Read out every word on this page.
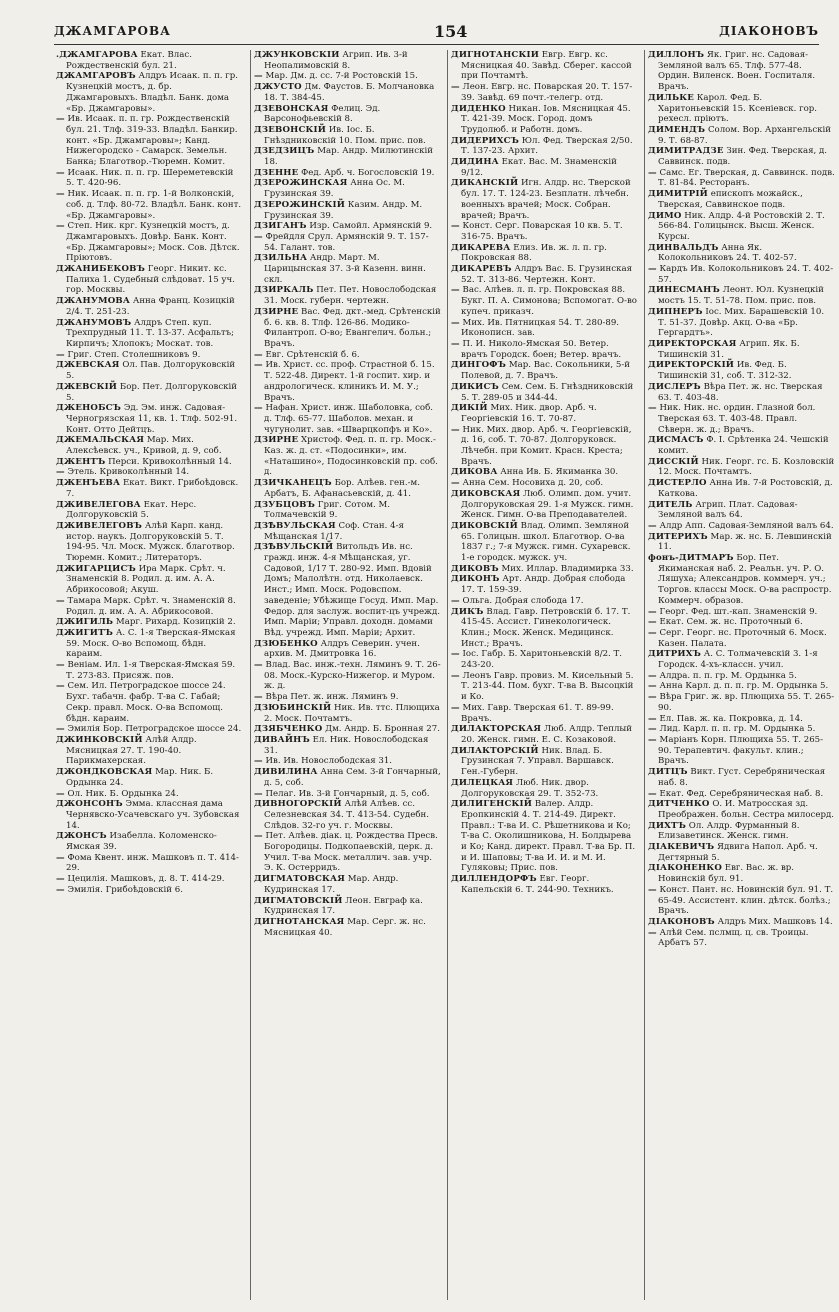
ДЖАМГАРОВА	154	ДІАКОНОВЪ

.ДЖАМГАРОВА Екат. Влас. Рождественскій бул. 21.

ДЖАМГАРОВЪ Алдръ Исаак. п. п. гр. Кузнецкій мостъ, д. бр. Джамгаровыхъ. Владѣл. Банк. дома «Бр. Джамгаровы».

— Ив. Исаак. п. п. гр. Рождественскій бул. 21. Тлф. 319-33. Владѣл. Банкир. конт. «Бр. Джамгаровы»; Канд. Нижегородско - Самарск. Земельн. Банка; Благотвор.-Тюремн. Комит.

— Исаак. Ник. п. п. гр. Шереметевскій 5. Т. 420-96.

— Ник. Исаак. п. п. гр. 1-й Волконскій, соб. д. Тлф. 80-72. Владѣл. Банк. конт. «Бр. Джамгаровы».

— Степ. Ник. крг. Кузнецкій мостъ, д. Джамгаровыхъ. Довѣр. Банк. Конт. «Бр. Джамгаровы»; Моск. Сов. Дѣтск. Пріютовъ.

ДЖАНИБЕКОВЪ Георг. Никит. кс. Палиха 1. Судебный слѣдоват. 15 уч. гор. Москвы.

ДЖАНУМОВА Анна Франц. Козицкій 2/4. Т. 251-23.

ДЖАНУМОВЪ Алдръ Степ. куп. Трехпрудный 11. Т. 13-37. Асфальтъ; Кирпичъ; Хлопокъ; Москат. тов.

— Григ. Степ. Столешниковъ 9.

ДЖЕВСКАЯ Ол. Пав. Долгоруковскій 5.

ДЖЕВСКІЙ Бор. Пет. Долгоруковскій 5.

ДЖЕНОБСЪ Эд. Эм. инж. Садовая-Черногрязская 11, кв. 1. Тлф. 502-91. Конт. Отто Дейтцъ.

ДЖЕМАЛЬСКАЯ Мар. Мих. Алексѣевск. уч., Кривой, д. 9, соб.

ДЖЕНТЪ Перси. Кривоколѣнный 14.

— Этель. Кривоколѣнный 14.

ДЖЕНЪЕВА Екат. Викт. Грибоѣдовск. 7.

ДЖИВЕЛЕГОВА Екат. Нерс. Долгоруковскій 5.

ДЖИВЕЛЕГОВЪ Алѣй Карп. канд. истор. наукъ. Долгоруковскій 5. Т. 194-95. Чл. Моск. Мужск. благотвор. Тюремн. Комит.; Литераторъ.

ДЖИГАРЦИСЪ Ира Марк. Срѣт. ч. Знаменскій 8. Родил. д. им. А. А. Абрикосовой; Акуш.

— Тамара Марк. Срѣт. ч. Знаменскій 8. Родил. д. им. А. А. Абрикосовой.

ДЖИГИЛЬ Марг. Рихард. Козицкій 2.

ДЖИГИТЪ А. С. 1-я Тверская-Ямская 59. Моск. О-во Вспомощ. бѣдн. караим.

— Веніам. Ил. 1-я Тверская-Ямская 59. Т. 273-83. Присяж. пов.

— Сем. Ил. Петроградское шоссе 24. Бухг. табачн. фабр. Т-ва С. Габай; Секр. правл. Моск. О-ва Вспомощ. бѣдн. караим.

— Эмилія Бор. Петроградское шоссе 24.

ДЖИНКОВСКІЙ Алѣй Алдр. Мясницкая 27. Т. 190-40. Парикмахерская.

ДЖОНДКОВСКАЯ Мар. Ник. Б. Ордынка 24.

— Ол. Ник. Б. Ордынка 24.

ДЖОНСОНЪ Эмма. классная дама Чернявско-Усачевскаго уч. Зубовская 14.

ДЖОНСЪ Изабелла. Коломенско-Ямская 39.

— Фома Квент. инж. Машковъ п. Т. 414-29.

— Цецилія. Машковъ, д. 8. Т. 414-29.

— Эмилія. Грибоѣдовскій 6.

ДЖУНКОВСКІЙ Агрип. Ив. 3-й Неопалимовскій 8.

— Мар. Дм. д. сс. 7-й Ростовскій 15.

ДЖУСТО Дм. Фаустов. Б. Молчановка 18. Т. 384-45.

ДЗЕВОНСКАЯ Фелиц. Эд. Варсонофьевскій 8.

ДЗЕВОНСКІЙ Ив. Іос. Б. Гнѣздниковскій 10. Пом. прис. пов.

ДЗЕДЗИЦЪ Мар. Андр. Милютинскій 18.

ДЗЕННЕ Фед. Арб. ч. Богословскій 19.

ДЗЕРОЖИНСКАЯ Анна Ос. М. Грузинская 39.

ДЗЕРОЖИНСКІЙ Казим. Андр. М. Грузинская 39.

ДЗИГАНЪ Изр. Самойл. Армянскій 9.

— Фрейдля Срул. Армянскій 9. Т. 157-54. Галант. тов.

ДЗИЛЬНА Андр. Март. М. Царицынская 37. 3-й Казенн. винн. скл.

ДЗИРКАЛЬ Пет. Пет. Новослободская 31. Моск. губерн. чертежн.

ДЗИРНЕ Вас. Фед. дкт.-мед. Срѣтенскій б. 6. кв. 8. Тлф. 126-86. Модико-Филантроп. О-во; Евангелич. больн.; Врачъ.

— Евг. Срѣтенскій б. 6.

— Ив. Христ. сс. проф. Страстной б. 15. Т. 522-48. Директ. 1-й госпит. хир. и андрологическ. клиникъ И. М. У.; Врачъ.

— Нафан. Христ. инж. Шаболовка, соб. д. Тлф. 65-77. Шаболов. механ. и чугунолит. зав. «Шварцкопфъ и Ко».

ДЗИРНЕ Христоф. Фед. п. п. гр. Моск.-Каз. ж. д. ст. «Подосинки», им. «Наташино», Подосинковскій пр. соб. д.

ДЗИЧКАНЕЦЪ Бор. Алѣев. ген.-м. Арбатъ, Б. Афанасьевскій, д. 41.

ДЗУБЦОВЪ Григ. Сотом. М. Толмачевскій 9.

ДЗѢВУЛЬСКАЯ Соф. Стан. 4-я Мѣщанская 1/17.

ДЗѢВУЛЬСКІЙ Витольдъ Ив. нс. гражд. инж. 4-я Мѣщанская, уг. Садовой, 1/17 Т. 280-92. Имп. Вдовій Домъ; Малолѣтн. отд. Николаевск. Инст.; Имп. Моск. Родовспом. заведеніе; Убѣжище Госуд. Имп. Мар. Федор. для заслуж. воспит-цъ учрежд. Имп. Маріи; Управл. доходн. домами Вѣд. учрежд. Имп. Маріи; Архит.

ДЗЮБЕНКО Алдръ Северин. учен. архив. М. Дмитровка 16.

— Влад. Вас. инж.-техн. Ляминъ 9. Т. 26-08. Моск.-Курско-Нижегор. и Муром. ж. д.

— Вѣра Пет. ж. инж. Ляминъ 9.

ДЗЮБИНСКІЙ Ник. Ив. ттс. Плющиха 2. Моск. Почтамтъ.

ДЗЯБЧЕНКО Дм. Андр. Б. Бронная 27.

ДИВАЙНЪ Ел. Ник. Новослободская 31.

— Ив. Ив. Новослободская 31.

ДИВИЛИНА Анна Сем. 3-й Гончарный, д. 5, соб.

— Пелаг. Ив. 3-й Гончарный, д. 5, соб.

ДИВНОГОРСКІЙ Алѣй Алѣев. сс. Селезневская 34. Т. 413-54. Судебн. Слѣдов. 32-го уч. г. Москвы.

— Пет. Алѣев. діак. ц. Рождества Пресв. Богородицы. Подкопаевскій, церк. д. Учил. Т-ва Моск. металлич. зав. учр. Э. К. Остерридъ.

ДИГМАТОВСКАЯ Мар. Андр. Кудринская 17.

ДИГМАТОВСКІЙ Леон. Евграф ка. Кудринская 17.

ДИГНОТАНСКАЯ Мар. Серг. ж. нс. Мясницкая 40.

ДИГНОТАНСКІЙ Евгр. Евгр. кс. Мясницкая 40. Завѣд. Сберег. кассой при Почтамтѣ.

— Леон. Евгр. нс. Поварская 20. Т. 157-39. Завѣд. 69 почт.-телегр. отд.

ДИДЕНКО Никан. Іов. Мясницкая 45. Т. 421-39. Моск. Город. домъ Трудолюб. и Работн. домъ.

ДИДЕРИХСЪ Юл. Фед. Тверская 2/50. Т. 137-23. Архит.

ДИДИНА Екат. Вас. М. Знаменскій 9/12.

ДИКАНСКІЙ Игн. Алдр. нс. Тверской бул. 17. Т. 124-23. Безплатн. лѣчебн. военныхъ врачей; Моск. Собран. врачей; Врачъ.

— Конст. Серг. Поварская 10 кв. 5. Т. 316-75. Врачъ.

ДИКАРЕВА Елиз. Ив. ж. л. п. гр. Покровская 88.

ДИКАРЕВЪ Алдръ Вас. Б. Грузинская 52. Т. 313-86. Чертежн. Конт.

— Вас. Алѣев. л. п. гр. Покровская 88. Букг. П. А. Симонова; Вспомогат. О-во купеч. приказч.

— Мих. Ив. Пятницкая 54. Т. 280-89. Иконописн. зав.

— П. И. Николо-Ямская 50. Ветер. врачъ Городск. боен; Ветер. врачъ.

ДИНГОФЪ Мар. Вас. Сокольники, 5-й Полевой, д. 7. Врачъ.

ДИКИСЪ Сем. Сем. Б. Гнѣздниковскій 5. Т. 289-05 и 344-44.

ДИКІЙ Мих. Ник. двор. Арб. ч. Георгіевскій 16. Т. 70-87.

— Ник. Мих. двор. Арб. ч. Георгіевскій, д. 16, соб. Т. 70-87. Долгоруковск. Лѣчебн. при Комит. Красн. Креста; Врачъ.

ДИКОВА Анна Ив. Б. Якиманка 30.

— Анна Сем. Носовиха д. 20, соб.

ДИКОВСКАЯ Люб. Олимп. дом. учит. Долгоруковская 29. 1-я Мужск. гимн. Женск. Гимн. О-ва Преподавателей.

ДИКОВСКІЙ Влад. Олимп. Земляной 65. Голицын. школ. Благотвор. О-ва 1837 г.; 7-я Мужск. гимн. Сухаревск. 1-е городск. мужск. уч.

ДИКОВЪ Мих. Иллар. Владимирка 33.

ДИКОНЪ Арт. Андр. Добрая слобода 17. Т. 159-39.

— Ольга. Добрая слобода 17.

ДИКЪ Влад. Гавр. Петровскій б. 17. Т. 415-45. Ассист. Гинекологическ. Клин.; Моск. Женск. Медицинск. Инст.; Врачъ.

— Іос. Габр. Б. Харитоньевскій 8/2. Т. 243-20.

— Леонъ Гавр. провиз. М. Кисельный 5. Т. 213-44. Пом. бухг. Т-ва В. Высоцкій и Ко.

— Мих. Гавр. Тверская 61. Т. 89-99. Врачъ.

ДИЛАКТОРСКАЯ Люб. Алдр. Теплый 20. Женск. гимн. Е. С. Козаковой.

ДИЛАКТОРСКІЙ Ник. Влад. Б. Грузинская 7. Управл. Варшавск. Ген.-Губерн.

ДИЛЕЦКАЯ Люб. Ник. двор. Долгоруковская 29. Т. 352-73.

ДИЛИГЕНСКІЙ Валер. Алдр. Еропкинскій 4. Т. 214-49. Директ. Правл.: Т-ва И. С. Рѣшетникова и Ко; Т-ва С. Околишникова, Н. Болдырева и Ко; Канд. директ. Правл. Т-ва Бр. П. и И. Шаповы; Т-ва И. И. и М. И. Гуляковы; Прис. пов.

ДИЛЛЕНДОРФЪ Евг. Георг. Капельскій 6. Т. 244-90. Техникъ.

ДИЛЛОНЪ Як. Григ. нс. Садовая-Земляной валъ 65. Тлф. 577-48. Ордин. Виленск. Воен. Госпиталя. Врачъ.

ДИЛЬКЕ Карол. Фед. Б. Харитоньевскій 15. Ксеніевск. гор. рехесл. пріютъ.

ДИМЕНДЪ Солом. Вор. Архангельскій 9. Т. 68-87.

ДИМИТРАДЗЕ Зин. Фед. Тверская, д. Саввинск. подв.

— Самс. Ег. Тверская, д. Саввинск. подв. Т. 81-84. Ресторанъ.

ДИМИТРІЙ епископъ можайск., Тверская, Саввинское подв.

ДИМО Ник. Алдр. 4-й Ростовскій 2. Т. 566-84. Голицынск. Высш. Женск. Курсы.

ДИНВАЛЬДЪ Анна Як. Колокольниковъ 24. Т. 402-57.

— Кардъ Ив. Колокольниковъ 24. Т. 402-57.

ДИНЕСМАНЪ Леонт. Юл. Кузнецкій мостъ 15. Т. 51-78. Пом. прис. пов.

ДИПНЕРЪ Іос. Мих. Барашевскій 10. Т. 51-37. Довѣр. Акц. О-ва «Бр. Гергардтъ».

ДИРЕКТОРСКАЯ Агрип. Як. Б. Тишинскій 31.

ДИРЕКТОРСКІЙ Ив. Фед. Б. Тишинскій 31, соб. Т. 312-32.

ДИСЛЕРЪ Вѣра Пет. ж. нс. Тверская 63. Т. 403-48.

— Ник. Ник. нс. ордин. Глазной бол. Тверская 63. Т. 403-48. Правл. Сѣверн. ж. д.; Врачъ.

ДИСМАСЪ Ф. І. Срѣтенка 24. Чешскій комит.

ДИССКІЙ Ник. Георг. гс. Б. Козловскій 12. Моск. Почтамтъ.

ДИСТЕРЛО Анна Ив. 7-й Ростовскій, д. Каткова.

ДИТЕЛЬ Агрип. Плат. Садовая-Земляной валъ 64.

— Алдр Апп. Садовая-Земляной валъ 64.

ДИТЕРИХЪ Мар. ж. нс. Б. Левшинскій 11.

фонъ-ДИТМАРЪ Бор. Пет. Якиманская наб. 2. Реальн. уч. Р. О. Ляшуха; Александров. коммерч. уч.; Торгов. классы Моск. О-ва распростр. Коммерч. образов.

— Георг. Фед. шт.-кап. Знаменскій 9.

— Екат. Сем. ж. нс. Проточный 6.

— Серг. Георг. нс. Проточный 6. Моск. Казен. Палата.

ДИТРИХЪ А. С. Толмачевскій 3. 1-я Городск. 4-хъ-классн. учил.

— Алдра. п. п. гр. М. Ордынка 5.

— Анна Карл. д. п. п. гр. М. Ордынка 5.

— Вѣра Григ. ж. вр. Плющиха 55. Т. 265-90.

— Ел. Пав. ж. ка. Покровка, д. 14.

— Лид. Карл. п. п. гр. М. Ордынка 5.

— Маріанъ Корн. Плющиха 55. Т. 265-90. Терапевтич. факульт. клин.; Врачъ.

ДИТЦЪ Викт. Густ. Серебряническая наб. 8.

— Екат. Фед. Серебряническая наб. 8.

ДИТЧЕНКО О. И. Матросская зд. Преображен. больн. Сестра милосерд.

ДИХТЪ Ол. Алдр. Фурманный 8. Елизаветинск. Женск. гимн.

ДІАКЕВИЧЪ Ядвига Напол. Арб. ч. Дегтярный 5.

ДІАКОНЕНКО Евг. Вас. ж. вр. Новинскій бул. 91.

— Конст. Пант. нс. Новинскій бул. 91. Т. 65-49. Ассистент. клин. дѣтск. болѣз.; Врачъ.

ДІАКОНОВЪ Алдръ Мих. Машковъ 14.

— Алѣй Сем. пслмщ. ц. св. Троицы. Арбатъ 57.
